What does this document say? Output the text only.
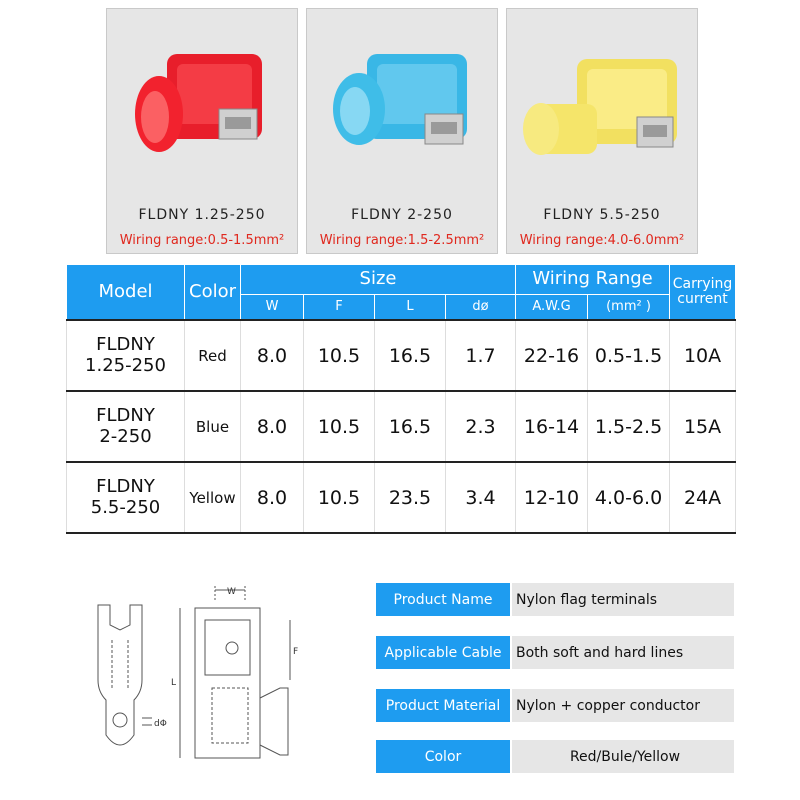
FLDNY 1.25-250
Wiring range:0.5-1.5mm²
FLDNY 2-250
Wiring range:1.5-2.5mm²
FLDNY 5.5-250
Wiring range:4.0-6.0mm²
Model	Color	Size				Wiring Range		Carrying
current
		W	F	L	dø	A.W.G	(mm² )	
FLDNY
1.25-250	Red	8.0	10.5	16.5	1.7	22-16	0.5-1.5	10A
FLDNY
2-250	Blue	8.0	10.5	16.5	2.3	16-14	1.5-2.5	15A
FLDNY
5.5-250	Yellow	8.0	10.5	23.5	3.4	12-10	4.0-6.0	24A
W
L
F
dΦ
Product Name	Nylon flag terminals
Applicable Cable	Both soft and hard lines
Product Material	Nylon + copper conductor
Color	Red/Bule/Yellow
